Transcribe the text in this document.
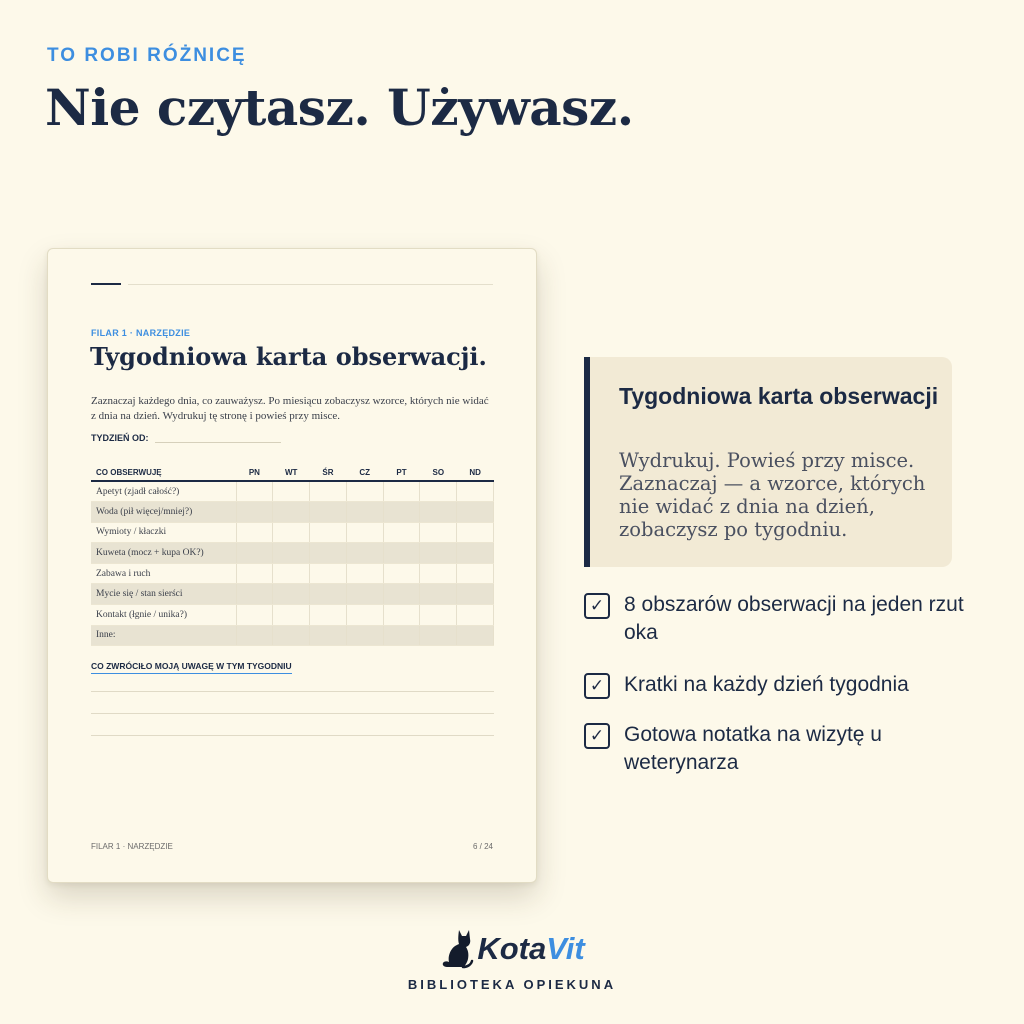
TO ROBI RÓŻNICĘ
Nie czytasz. Używasz.
FILAR 1 · NARZĘDZIE
Tygodniowa karta obserwacji.

Zaznaczaj każdego dnia, co zauważysz. Po miesiącu zobaczysz wzorce, których nie widać z dnia na dzień. Wydrukuj tę stronę i powieś przy misce.

TYDZIEŃ OD:
CO OBSERWUJĘ	PN	WT	ŚR	CZ	PT	SO	ND
Apetyt (zjadł całość?)							
Woda (pił więcej/mniej?)							
Wymioty / kłaczki							
Kuweta (mocz + kupa OK?)							
Zabawa i ruch							
Mycie się / stan sierści							
Kontakt (łgnie / unika?)							
Inne:							
CO ZWRÓCIŁO MOJĄ UWAGĘ W TYM TYGODNIU
FILAR 1 · NARZĘDZIE	6 / 24
Tygodniowa karta obserwacji
Wydrukuj. Powieś przy misce. Zaznaczaj — a wzorce, których nie widać z dnia na dzień, zobaczysz po tygodniu.
✓ 8 obszarów obserwacji na jeden rzut oka
✓ Kratki na każdy dzień tygodnia
✓ Gotowa notatka na wizytę u weterynarza
KotaVit
BIBLIOTEKA OPIEKUNA
